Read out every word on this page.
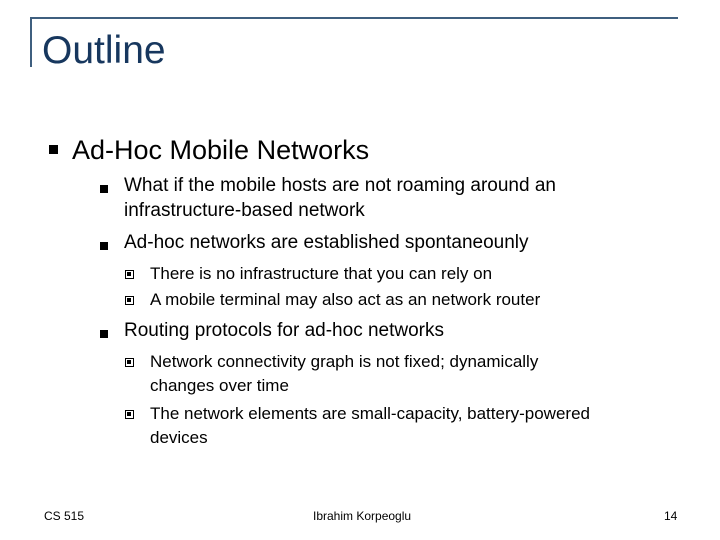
Outline
Ad-Hoc Mobile Networks
What if the mobile hosts are not roaming around an
infrastructure-based network
Ad-hoc networks are established spontaneounly
There is no infrastructure that you can rely on
A mobile terminal may also act as an network router
Routing protocols for ad-hoc networks
Network connectivity graph is not fixed; dynamically
changes over time
The network elements are small-capacity, battery-powered
devices
CS 515	Ibrahim Korpeoglu	14
